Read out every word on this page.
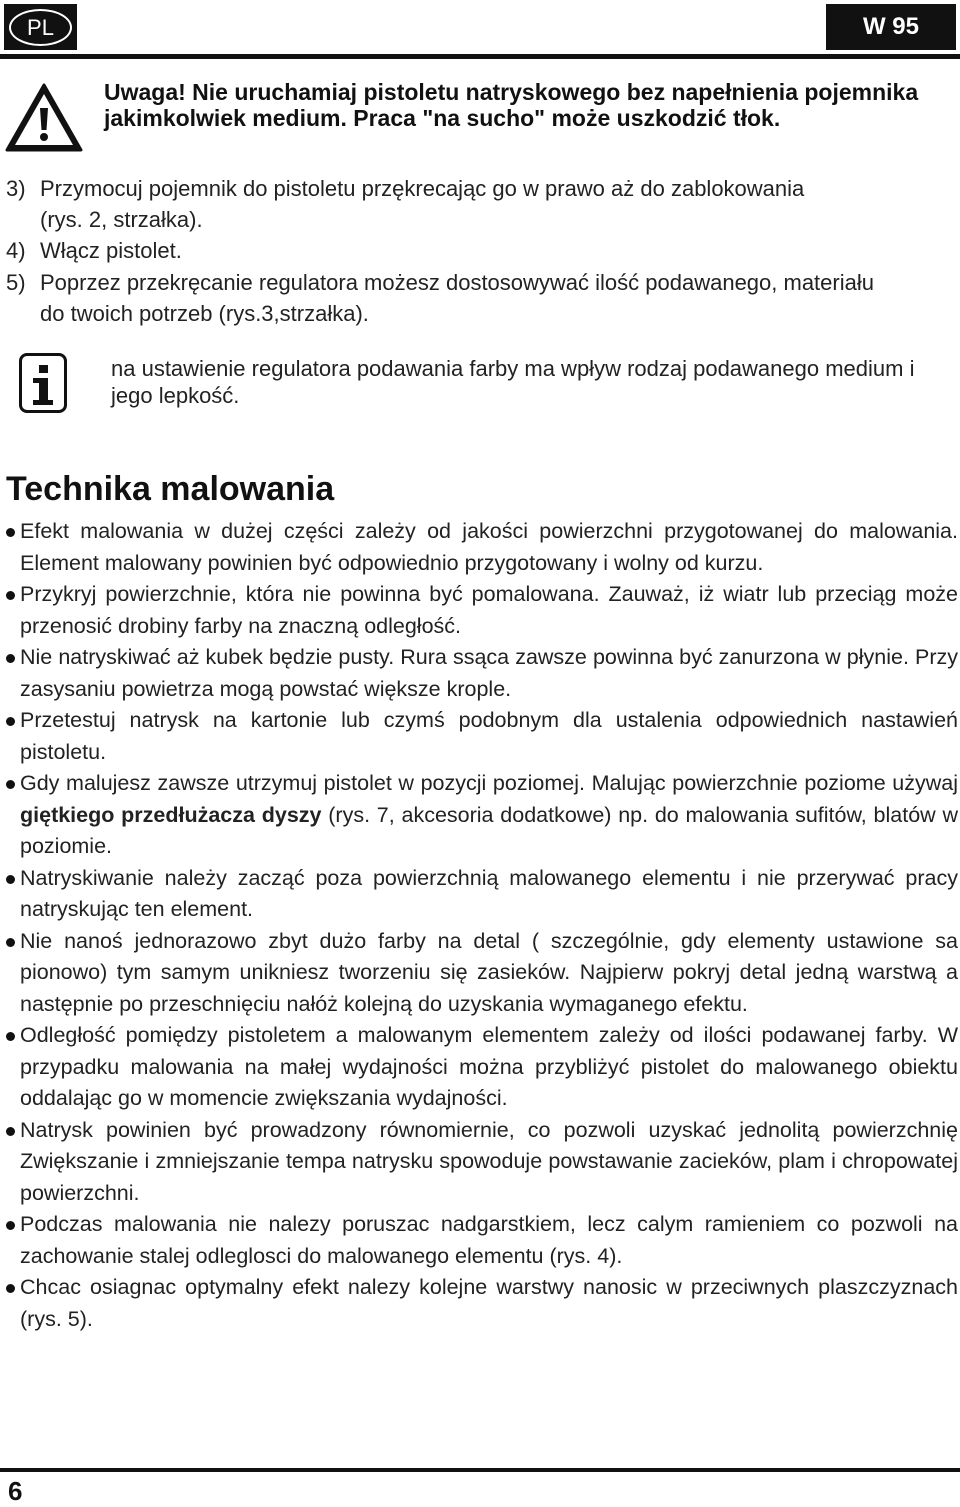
PL	W 95
Uwaga! Nie uruchamiaj pistoletu natryskowego bez napełnienia pojemnika jakimkolwiek medium. Praca "na sucho" może uszkodzić tłok.
3) Przymocuj pojemnik do pistoletu przękrecając go w prawo aż do zablokowania
(rys. 2, strzałka).
4) Włącz pistolet.
5) Poprzez przekręcanie regulatora możesz dostosowywać ilość podawanego, materiału
do twoich potrzeb (rys.3,strzałka).
na ustawienie regulatora podawania farby ma wpływ rodzaj podawanego medium i jego lepkość.
Technika malowania
Efekt malowania w dużej części zależy od jakości powierzchni przygotowanej do malowania. Element malowany powinien być odpowiednio przygotowany i wolny od kurzu.
Przykryj powierzchnie, która nie powinna być pomalowana. Zauważ, iż wiatr lub przeciąg może przenosić drobiny farby na znaczną odległość.
Nie natryskiwać aż kubek będzie pusty. Rura ssąca zawsze powinna być zanurzona w płynie. Przy zasysaniu powietrza mogą powstać większe krople.
Przetestuj natrysk na kartonie lub czymś podobnym dla ustalenia odpowiednich nastawień pistoletu.
Gdy malujesz zawsze utrzymuj pistolet w pozycji poziomej. Malując powierzchnie poziome używaj giętkiego przedłużacza dyszy (rys. 7, akcesoria dodatkowe) np. do malowania sufitów, blatów w poziomie.
Natryskiwanie należy zacząć poza powierzchnią malowanego elementu i nie przerywać pracy natryskując ten element.
Nie nanoś jednorazowo zbyt dużo farby na detal ( szczególnie, gdy elementy ustawione sa pionowo) tym samym unikniesz tworzeniu się zasieków. Najpierw pokryj detal jedną warstwą a następnie po przeschnięciu nałóż kolejną do uzyskania wymaganego efektu.
Odległość pomiędzy pistoletem a malowanym elementem zależy od ilości podawanej farby. W przypadku malowania na małej wydajności można przybliżyć pistolet do malowanego obiektu oddalając go w momencie zwiększania wydajności.
Natrysk powinien być prowadzony równomiernie, co pozwoli uzyskać jednolitą powierzchnię Zwiększanie i zmniejszanie tempa natrysku spowoduje powstawanie zacieków, plam i chropowatej powierzchni.
Podczas malowania nie nalezy poruszac nadgarstkiem, lecz calym ramieniem co pozwoli na zachowanie stalej odleglosci do malowanego elementu (rys. 4).
Chcac osiagnac optymalny efekt nalezy kolejne warstwy nanosic w przeciwnych plaszczyznach (rys. 5).
6
